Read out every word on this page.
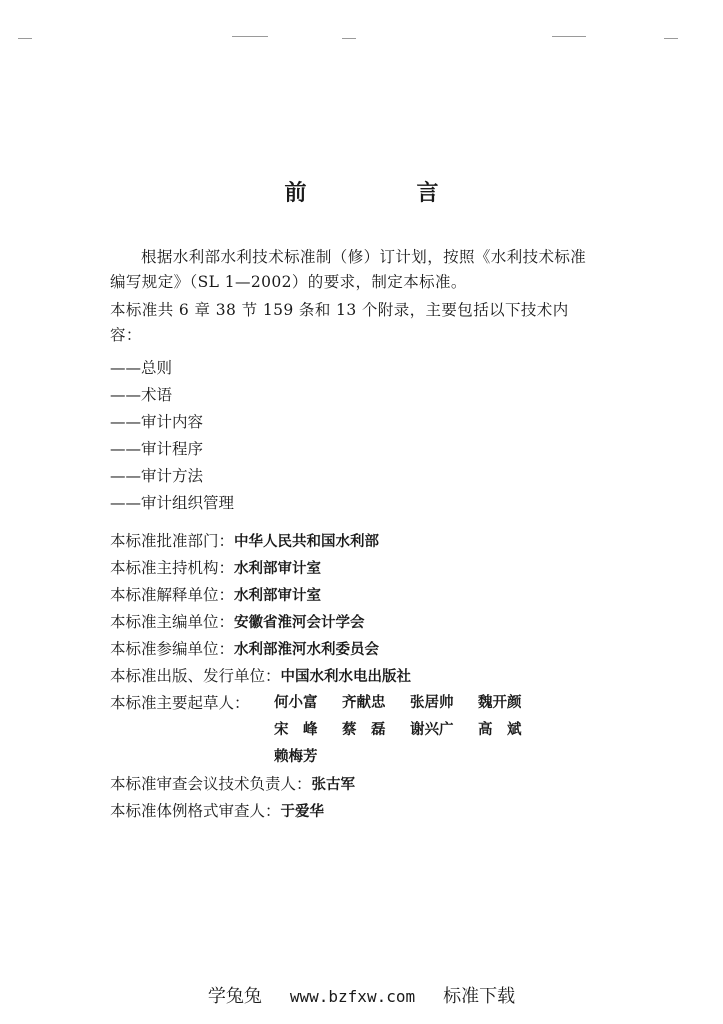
前　言
根据水利部水利技术标准制（修）订计划，按照《水利技术标准编写规定》（SL 1—2002）的要求，制定本标准。
本标准共 6 章 38 节 159 条和 13 个附录，主要包括以下技术内容：
——总则
——术语
——审计内容
——审计程序
——审计方法
——审计组织管理
本标准批准部门：中华人民共和国水利部
本标准主持机构：水利部审计室
本标准解释单位：水利部审计室
本标准主编单位：安徽省淮河会计学会
本标准参编单位：水利部淮河水利委员会
本标准出版、发行单位：中国水利水电出版社
本标准主要起草人：	何小富 齐献忠 张居帅 魏开颜
宋　峰 蔡　磊 谢兴广 高　斌
赖梅芳
本标准审查会议技术负责人：张古军
本标准体例格式审查人：于爱华
学兔兔 www.bzfxw.com 标准下载
